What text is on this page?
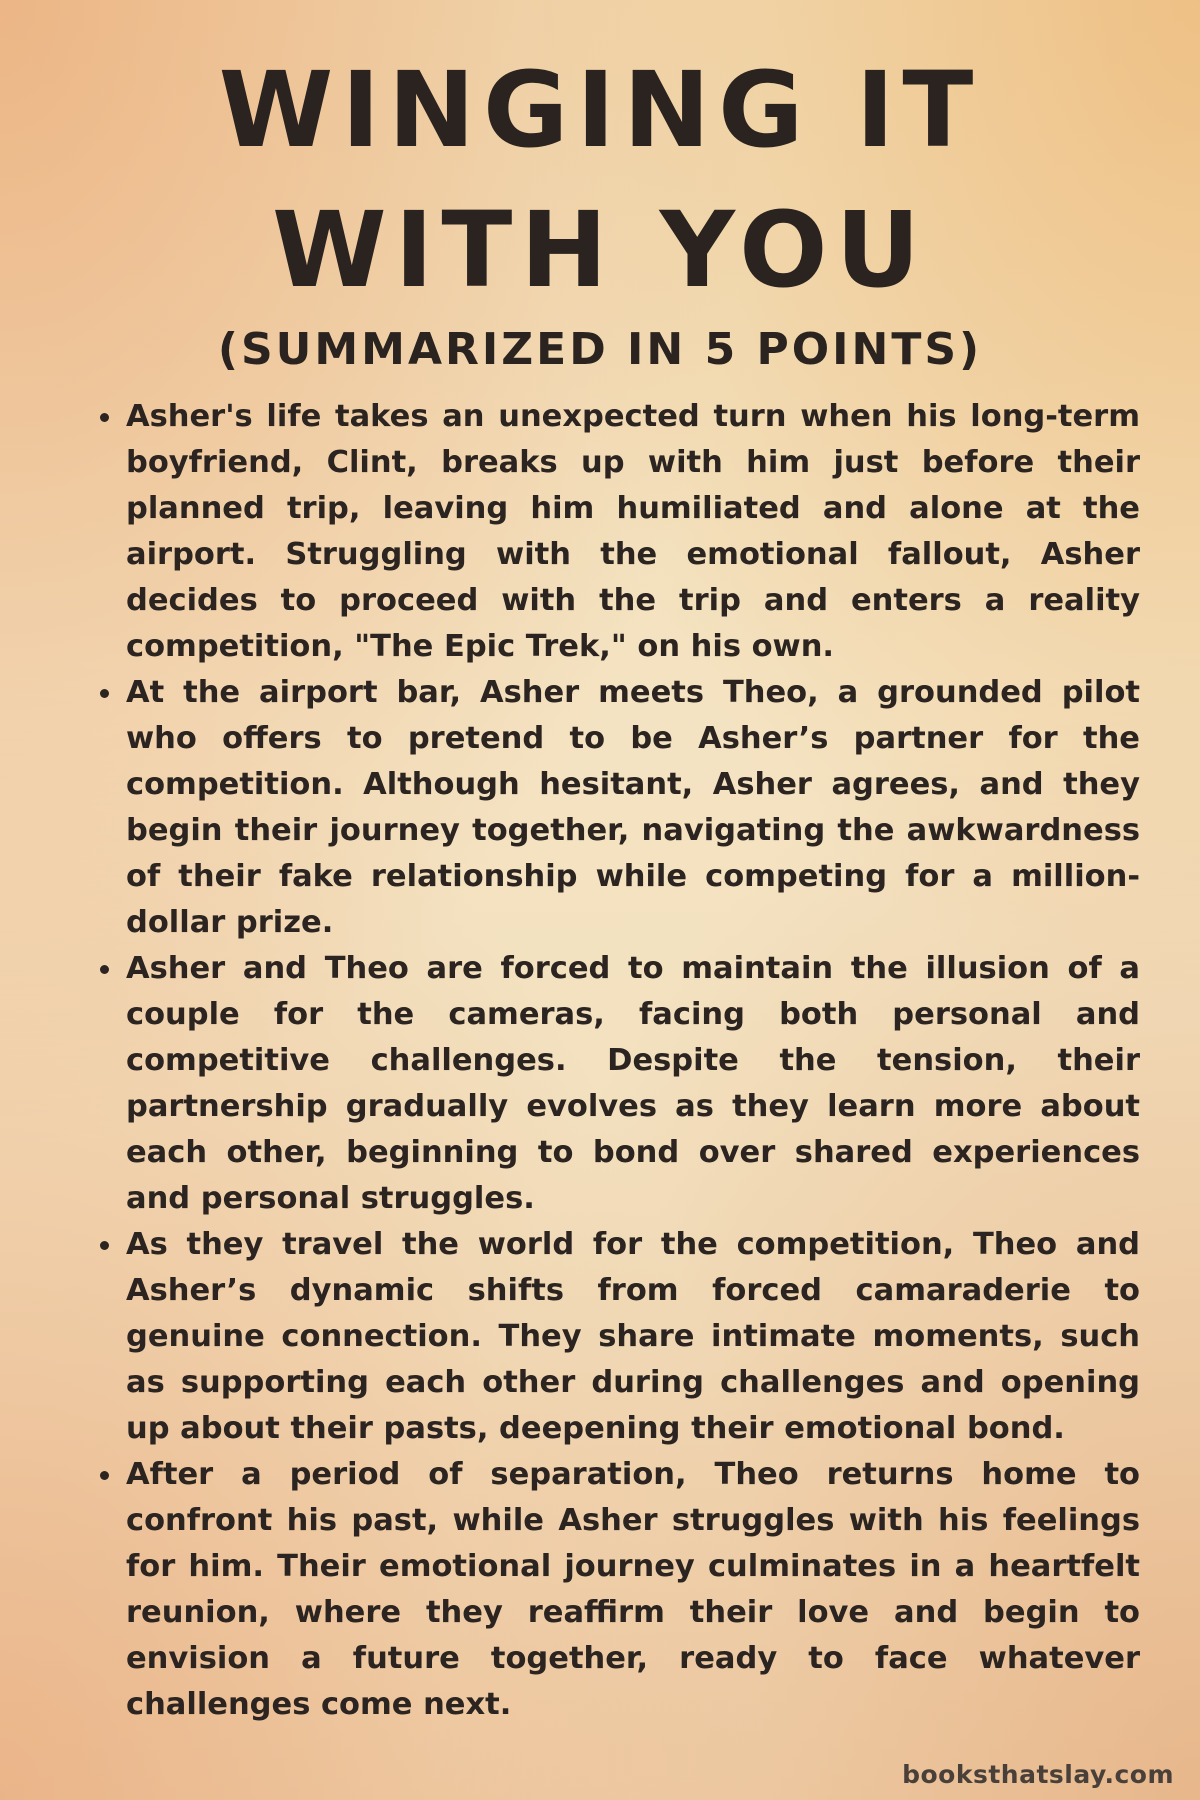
WINGING IT WITH YOU
(SUMMARIZED IN 5 POINTS)
• Asher's life takes an unexpected turn when his long-term boyfriend, Clint, breaks up with him just before their planned trip, leaving him humiliated and alone at the airport. Struggling with the emotional fallout, Asher decides to proceed with the trip and enters a reality competition, "The Epic Trek," on his own.
• At the airport bar, Asher meets Theo, a grounded pilot who offers to pretend to be Asher’s partner for the competition. Although hesitant, Asher agrees, and they begin their journey together, navigating the awkwardness of their fake relationship while competing for a million-dollar prize.
• Asher and Theo are forced to maintain the illusion of a couple for the cameras, facing both personal and competitive challenges. Despite the tension, their partnership gradually evolves as they learn more about each other, beginning to bond over shared experiences and personal struggles.
• As they travel the world for the competition, Theo and Asher’s dynamic shifts from forced camaraderie to genuine connection. They share intimate moments, such as supporting each other during challenges and opening up about their pasts, deepening their emotional bond.
• After a period of separation, Theo returns home to confront his past, while Asher struggles with his feelings for him. Their emotional journey culminates in a heartfelt reunion, where they reaffirm their love and begin to envision a future together, ready to face whatever challenges come next.
booksthatslay.com
